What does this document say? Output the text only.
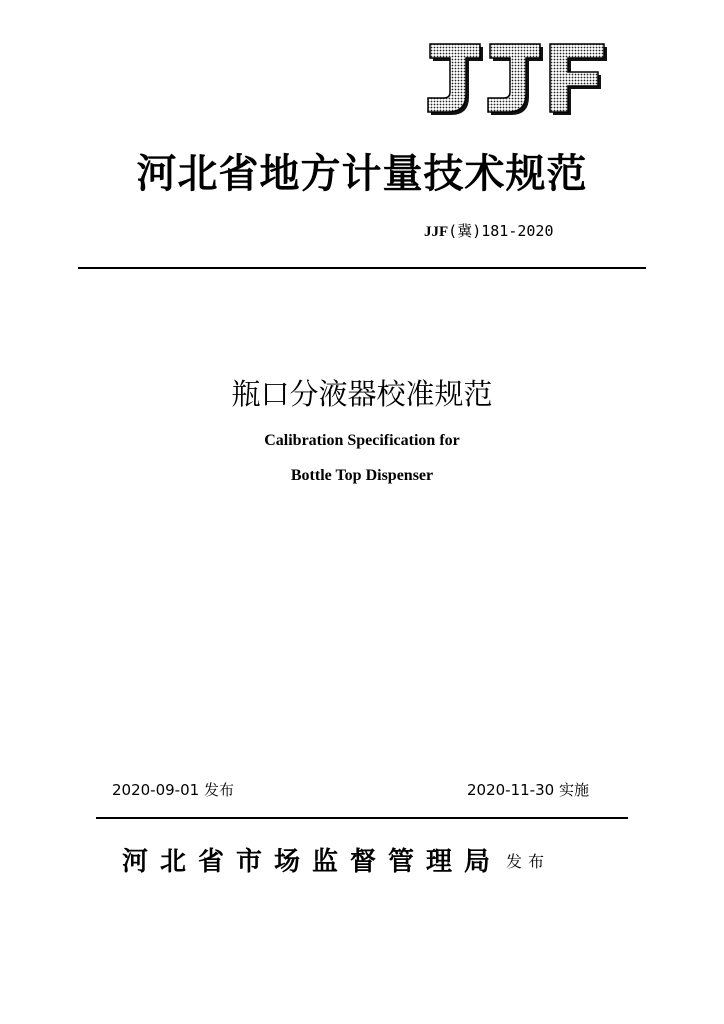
河北省地方计量技术规范
JJF(冀)181-2020
瓶口分液器校准规范
Calibration Specification for
Bottle Top Dispenser
2020-09-01 发布	2020-11-30 实施
河北省市场监督管理局 发布
